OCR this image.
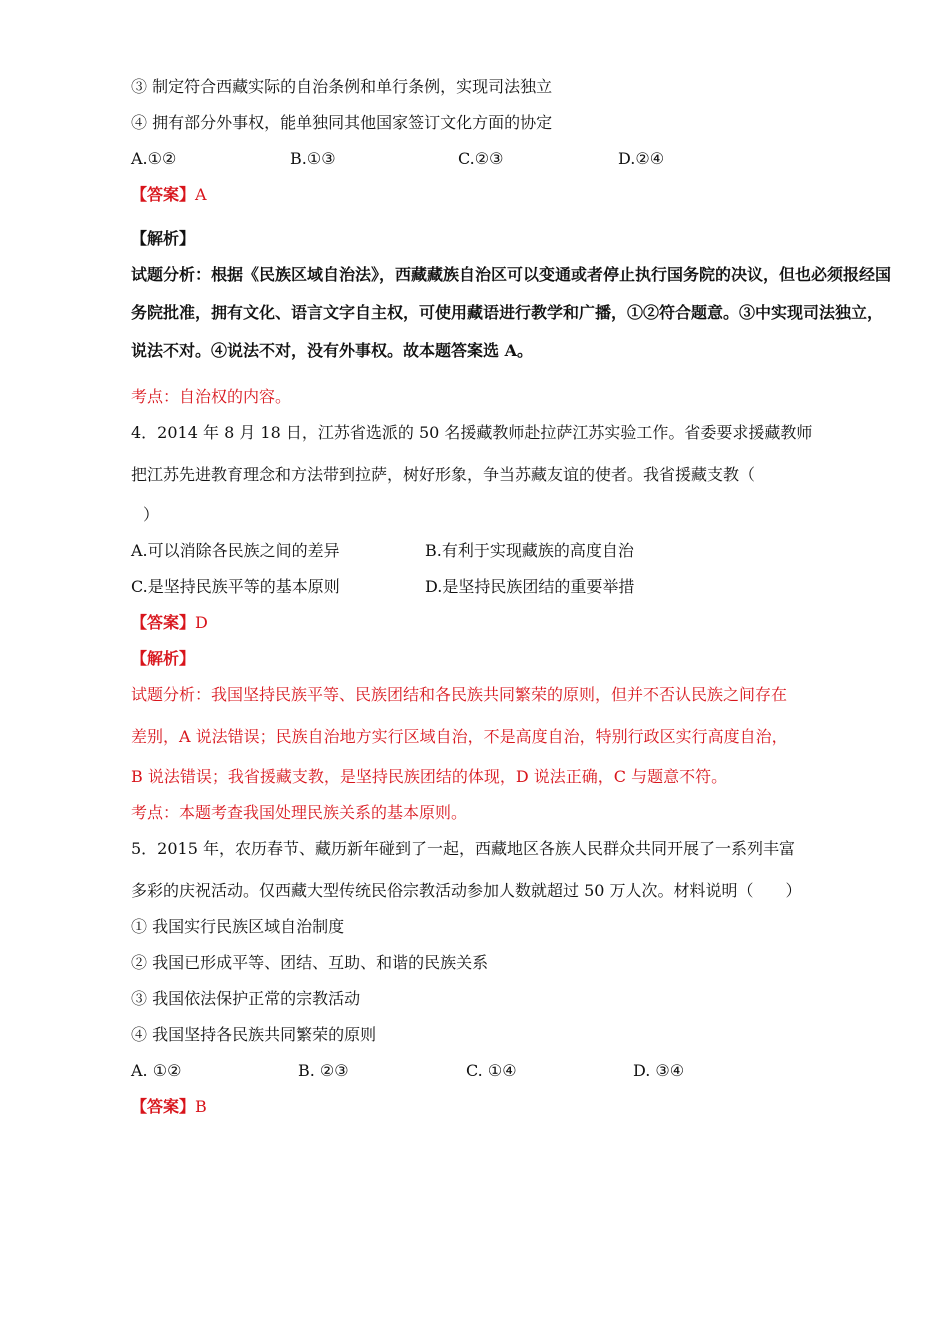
③ 制定符合西藏实际的自治条例和单行条例，实现司法独立
④ 拥有部分外事权，能单独同其他国家签订文化方面的协定
A.①②	B.①③	C.②③	D.②④
【答案】A
【解析】
试题分析：根据《民族区域自治法》，西藏藏族自治区可以变通或者停止执行国务院的决议，但也必须报经国
务院批准，拥有文化、语言文字自主权，可使用藏语进行教学和广播，①②符合题意。③中实现司法独立，
说法不对。④说法不对，没有外事权。故本题答案选 A。
考点：自治权的内容。
4．2014 年 8 月 18 日，江苏省选派的 50 名援藏教师赴拉萨江苏实验工作。省委要求援藏教师
把江苏先进教育理念和方法带到拉萨，树好形象，争当苏藏友谊的使者。我省援藏支教（
）
A.可以消除各民族之间的差异	B.有利于实现藏族的高度自治
C.是坚持民族平等的基本原则	D.是坚持民族团结的重要举措
【答案】D
【解析】
试题分析：我国坚持民族平等、民族团结和各民族共同繁荣的原则，但并不否认民族之间存在
差别，A 说法错误；民族自治地方实行区域自治，不是高度自治，特别行政区实行高度自治，
B 说法错误；我省援藏支教，是坚持民族团结的体现，D 说法正确，C 与题意不符。
考点：本题考查我国处理民族关系的基本原则。
5．2015 年，农历春节、藏历新年碰到了一起，西藏地区各族人民群众共同开展了一系列丰富
多彩的庆祝活动。仅西藏大型传统民俗宗教活动参加人数就超过 50 万人次。材料说明（　　）
① 我国实行民族区域自治制度
② 我国已形成平等、团结、互助、和谐的民族关系
③ 我国依法保护正常的宗教活动
④ 我国坚持各民族共同繁荣的原则
A. ①②	B. ②③	C. ①④	D. ③④
【答案】B
